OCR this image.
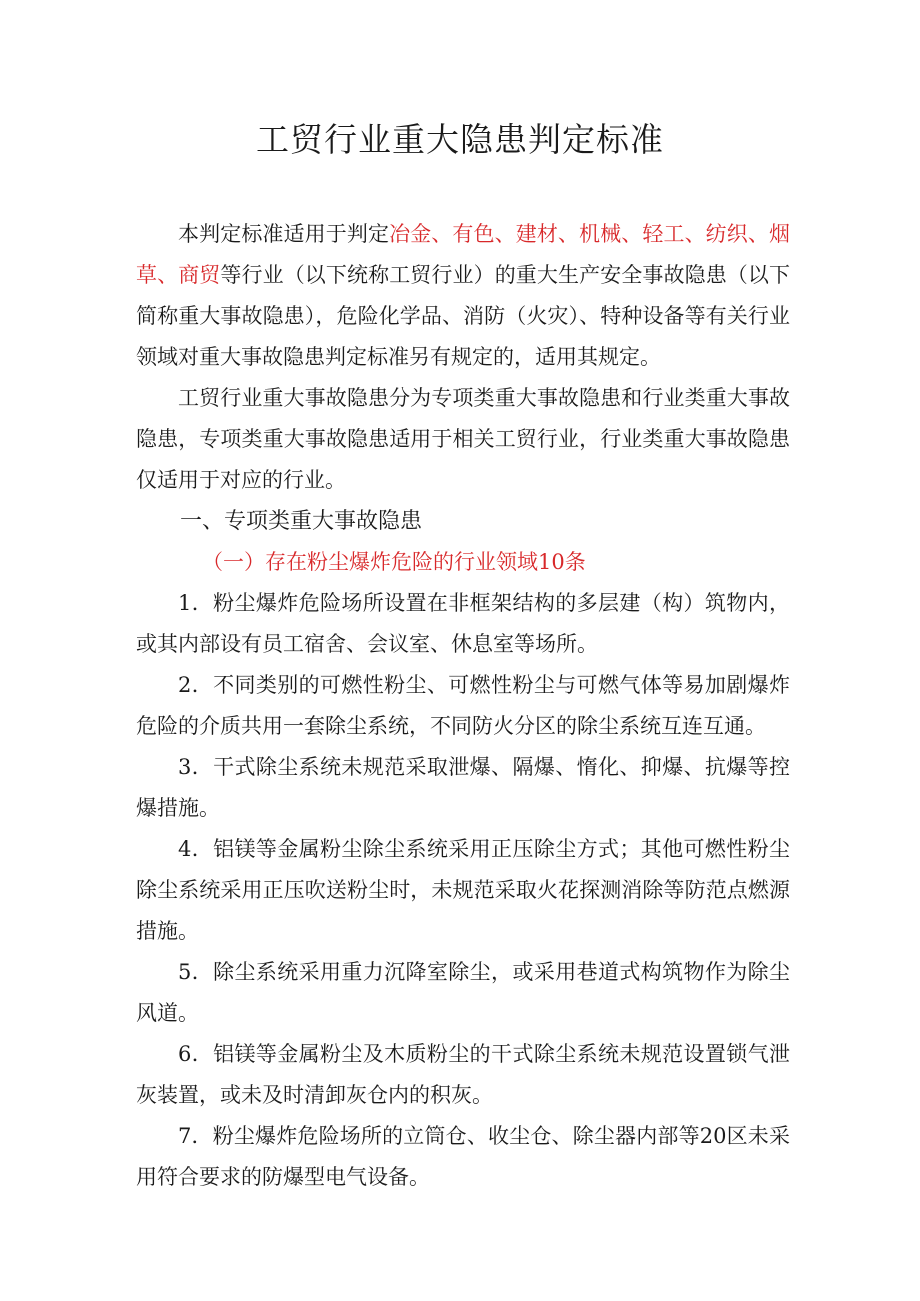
工贸行业重大隐患判定标准

本判定标准适用于判定冶金、有色、建材、机械、轻工、纺织、烟草、商贸等行业（以下统称工贸行业）的重大生产安全事故隐患（以下简称重大事故隐患），危险化学品、消防（火灾）、特种设备等有关行业领域对重大事故隐患判定标准另有规定的，适用其规定。

工贸行业重大事故隐患分为专项类重大事故隐患和行业类重大事故隐患，专项类重大事故隐患适用于相关工贸行业，行业类重大事故隐患仅适用于对应的行业。

一、专项类重大事故隐患

（一）存在粉尘爆炸危险的行业领域10条

1．粉尘爆炸危险场所设置在非框架结构的多层建（构）筑物内，或其内部设有员工宿舍、会议室、休息室等场所。

2．不同类别的可燃性粉尘、可燃性粉尘与可燃气体等易加剧爆炸危险的介质共用一套除尘系统，不同防火分区的除尘系统互连互通。

3．干式除尘系统未规范采取泄爆、隔爆、惰化、抑爆、抗爆等控爆措施。

4．铝镁等金属粉尘除尘系统采用正压除尘方式；其他可燃性粉尘除尘系统采用正压吹送粉尘时，未规范采取火花探测消除等防范点燃源措施。

5．除尘系统采用重力沉降室除尘，或采用巷道式构筑物作为除尘风道。

6．铝镁等金属粉尘及木质粉尘的干式除尘系统未规范设置锁气泄灰装置，或未及时清卸灰仓内的积灰。

7．粉尘爆炸危险场所的立筒仓、收尘仓、除尘器内部等20区未采用符合要求的防爆型电气设备。
